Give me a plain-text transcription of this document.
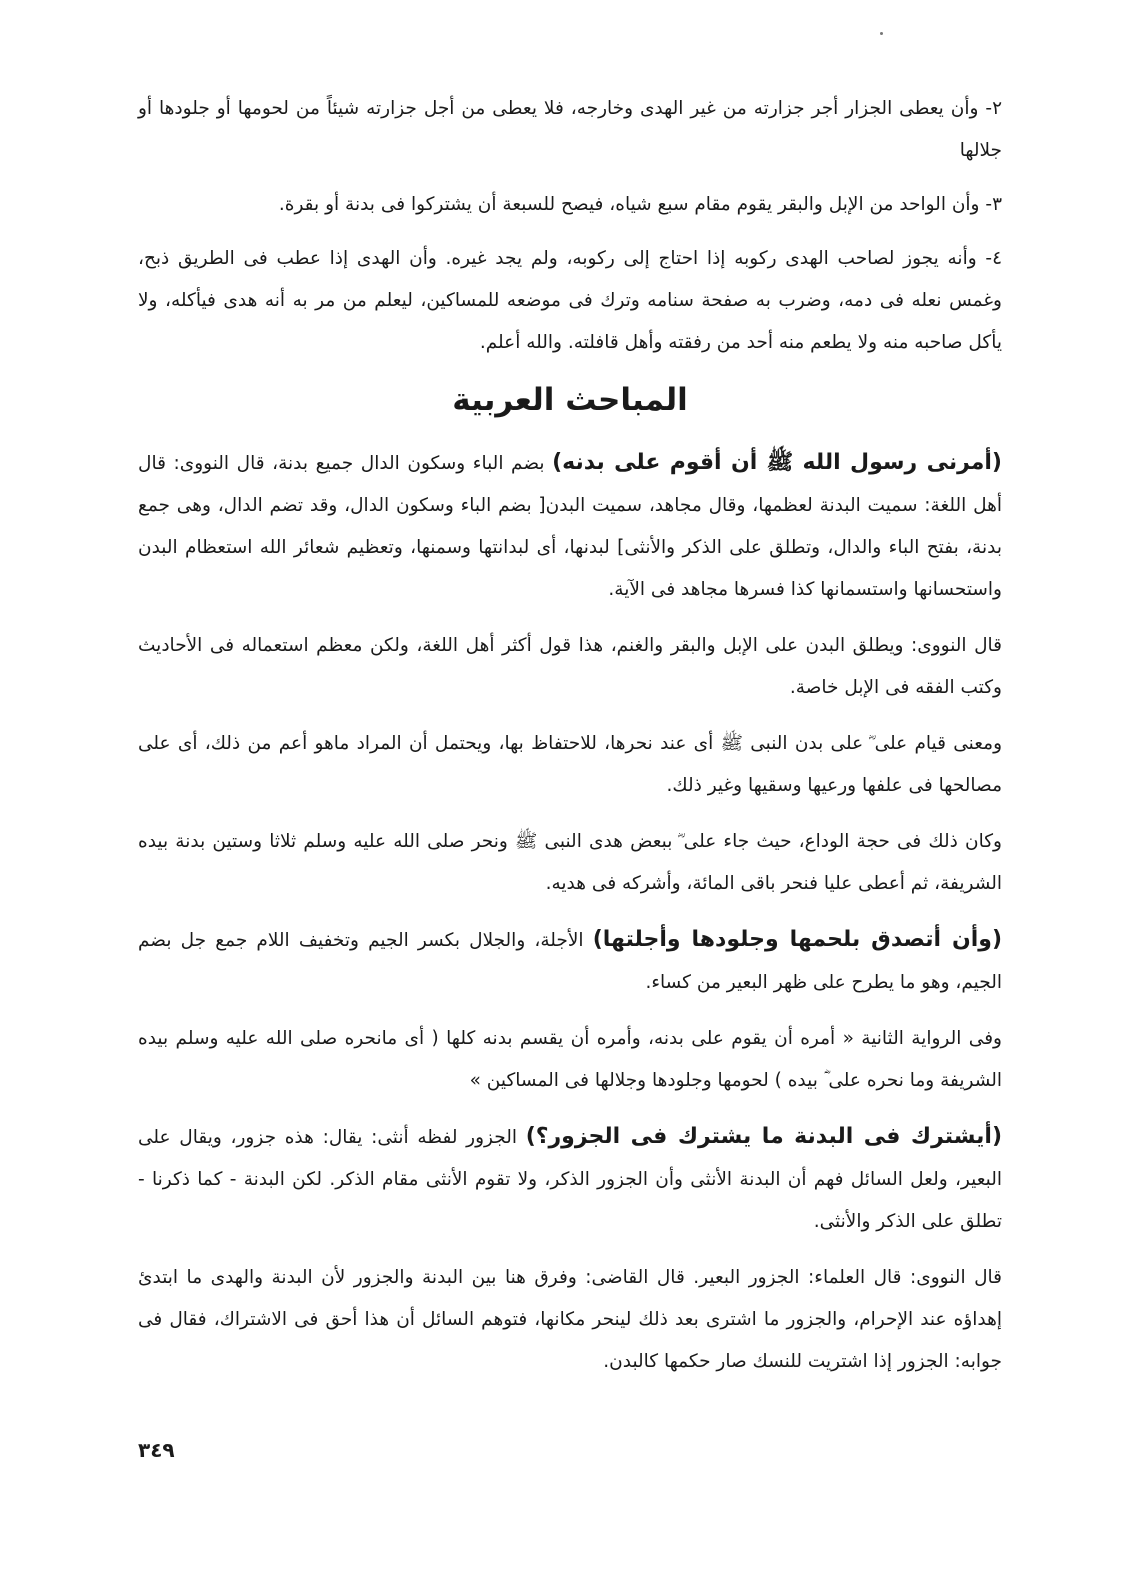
٢- وأن يعطى الجزار أجر جزارته من غير الهدى وخارجه، فلا يعطى من أجل جزارته شيئاً من لحومها أو جلودها أو جلالها

٣- وأن الواحد من الإبل والبقر يقوم مقام سبع شياه، فيصح للسبعة أن يشتركوا فى بدنة أو بقرة.

٤- وأنه يجوز لصاحب الهدى ركوبه إذا احتاج إلى ركوبه، ولم يجد غيره. وأن الهدى إذا عطب فى الطريق ذبح، وغمس نعله فى دمه، وضرب به صفحة سنامه وترك فى موضعه للمساكين، ليعلم من مر به أنه هدى فيأكله، ولا يأكل صاحبه منه ولا يطعم منه أحد من رفقته وأهل قافلته. والله أعلم.

المباحث العربية

(أمرنى رسول الله ﷺ أن أقوم على بدنه) بضم الباء وسكون الدال جميع بدنة، قال النووى: قال أهل اللغة: سميت البدنة لعظمها، وقال مجاهد، سميت البدن[ بضم الباء وسكون الدال، وقد تضم الدال، وهى جمع بدنة، بفتح الباء والدال، وتطلق على الذكر والأنثى] لبدنها، أى لبدانتها وسمنها، وتعظيم شعائر الله استعظام البدن واستحسانها واستسمانها كذا فسرها مجاهد فى الآية.

قال النووى: ويطلق البدن على الإبل والبقر والغنم، هذا قول أكثر أهل اللغة، ولكن معظم استعماله فى الأحاديث وكتب الفقه فى الإبل خاصة.

ومعنى قيام على ؓ على بدن النبى ﷺ أى عند نحرها، للاحتفاظ بها، ويحتمل أن المراد ماهو أعم من ذلك، أى على مصالحها فى علفها ورعيها وسقيها وغير ذلك.

وكان ذلك فى حجة الوداع، حيث جاء على ؓ ببعض هدى النبى ﷺ ونحر صلى الله عليه وسلم ثلاثا وستين بدنة بيده الشريفة، ثم أعطى عليا فنحر باقى المائة، وأشركه فى هديه.

(وأن أتصدق بلحمها وجلودها وأجلتها) الأجلة، والجلال بكسر الجيم وتخفيف اللام جمع جل بضم الجيم، وهو ما يطرح على ظهر البعير من كساء.

وفى الرواية الثانية « أمره أن يقوم على بدنه، وأمره أن يقسم بدنه كلها ( أى مانحره صلى الله عليه وسلم بيده الشريفة وما نحره على ؓ بيده ) لحومها وجلودها وجلالها فى المساكين »

(أيشترك فى البدنة ما يشترك فى الجزور؟) الجزور لفظه أنثى: يقال: هذه جزور، ويقال على البعير، ولعل السائل فهم أن البدنة الأنثى وأن الجزور الذكر، ولا تقوم الأنثى مقام الذكر. لكن البدنة - كما ذكرنا - تطلق على الذكر والأنثى.

قال النووى: قال العلماء: الجزور البعير. قال القاضى: وفرق هنا بين البدنة والجزور لأن البدنة والهدى ما ابتدئ إهداؤه عند الإحرام، والجزور ما اشترى بعد ذلك لينحر مكانها، فتوهم السائل أن هذا أحق فى الاشتراك، فقال فى جوابه: الجزور إذا اشتريت للنسك صار حكمها كالبدن.

٣٤٩
